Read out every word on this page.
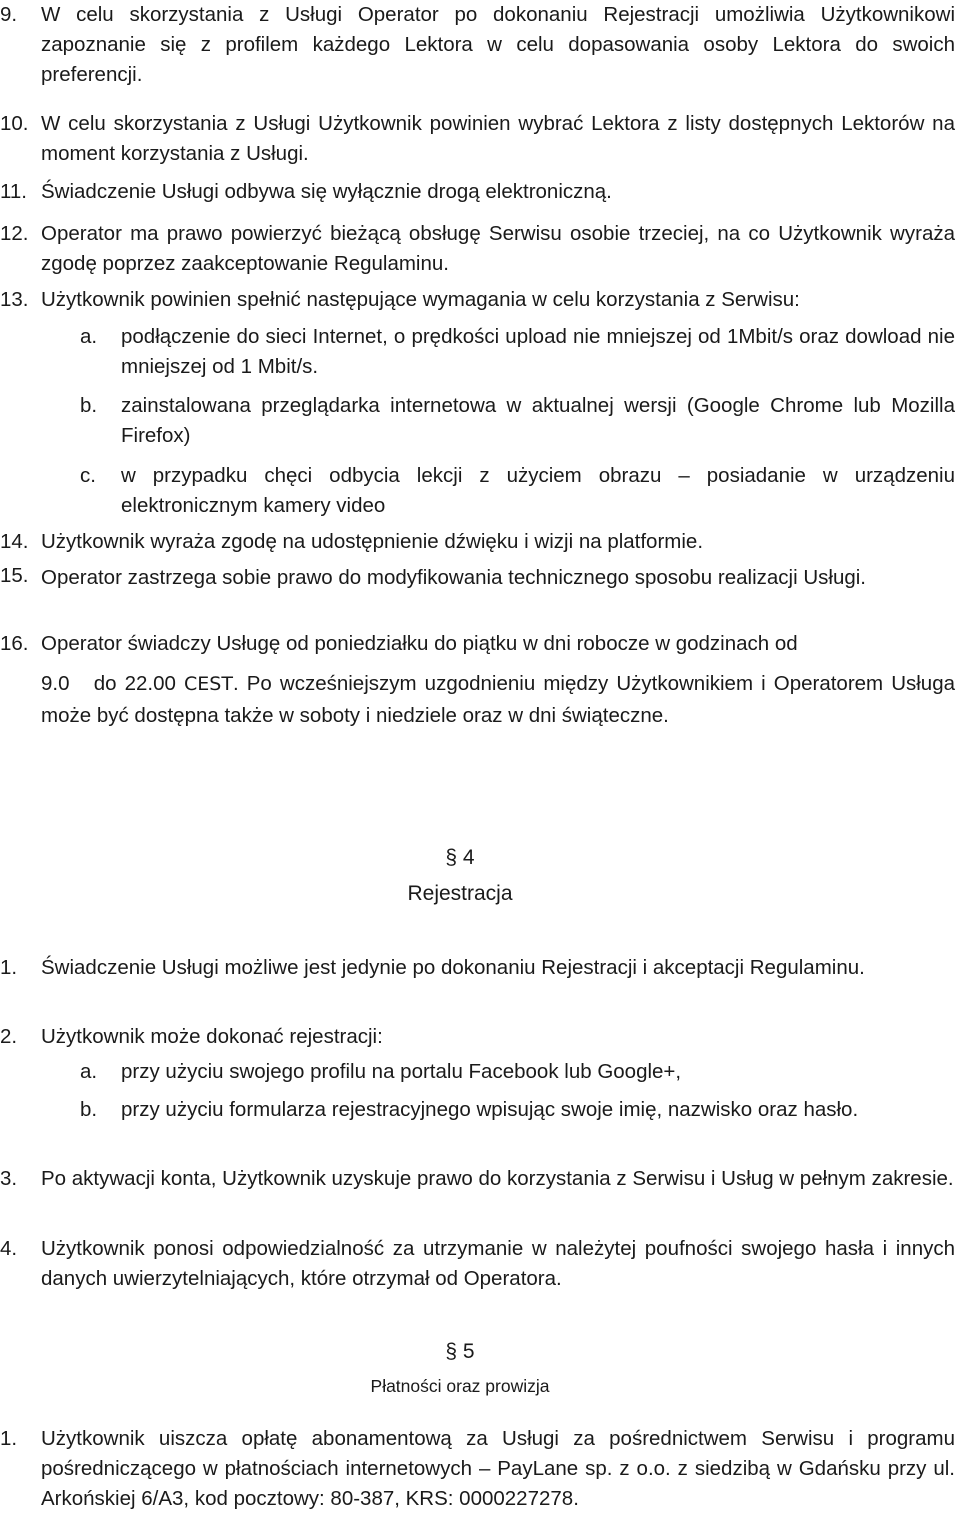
9.	W celu skorzystania z Usługi Operator po dokonaniu Rejestracji umożliwia Użytkownikowi zapoznanie się z profilem każdego Lektora w celu dopasowania osoby Lektora do swoich preferencji.
10. W celu skorzystania z Usługi Użytkownik powinien wybrać Lektora z listy dostępnych Lektorów na moment korzystania z Usługi.
11. Świadczenie Usługi odbywa się wyłącznie drogą elektroniczną.
12. Operator ma prawo powierzyć bieżącą obsługę Serwisu osobie trzeciej, na co Użytkownik wyraża zgodę poprzez zaakceptowanie Regulaminu.
13. Użytkownik powinien spełnić następujące wymagania w celu korzystania z Serwisu:
a.	podłączenie do sieci Internet, o prędkości upload nie mniejszej od 1Mbit/s oraz dowload nie mniejszej od 1 Mbit/s.
b.	zainstalowana przeglądarka internetowa w aktualnej wersji (Google Chrome lub Mozilla Firefox)
c.	w przypadku chęci odbycia lekcji z użyciem obrazu – posiadanie w urządzeniu elektronicznym kamery video
14. Użytkownik wyraża zgodę na udostępnienie dźwięku i wizji na platformie.
15. Operator zastrzega sobie prawo do modyfikowania technicznego sposobu realizacji Usługi.
16. Operator świadczy Usługę od poniedziałku do piątku w dni robocze w godzinach od
9.0   do 22.00 CEST. Po wcześniejszym uzgodnieniu między Użytkownikiem i Operatorem Usługa może być dostępna także w soboty i niedziele oraz w dni świąteczne.
§ 4
Rejestracja
1.	Świadczenie Usługi możliwe jest jedynie po dokonaniu Rejestracji i akceptacji Regulaminu.
2.	Użytkownik może dokonać rejestracji:
a.	przy użyciu swojego profilu na portalu Facebook lub Google+,
b.	przy użyciu formularza rejestracyjnego wpisując swoje imię, nazwisko oraz hasło.
3.	Po aktywacji konta, Użytkownik uzyskuje prawo do korzystania z Serwisu i Usług w pełnym zakresie.
4.	Użytkownik ponosi odpowiedzialność za utrzymanie w należytej poufności swojego hasła i innych danych uwierzytelniających, które otrzymał od Operatora.
§ 5
Płatności oraz prowizja
1.	Użytkownik uiszcza opłatę abonamentową za Usługi za pośrednictwem Serwisu i programu pośredniczącego w płatnościach internetowych – PayLane sp. z o.o. z siedzibą w Gdańsku przy ul. Arkońskiej 6/A3, kod pocztowy: 80-387, KRS: 0000227278.
